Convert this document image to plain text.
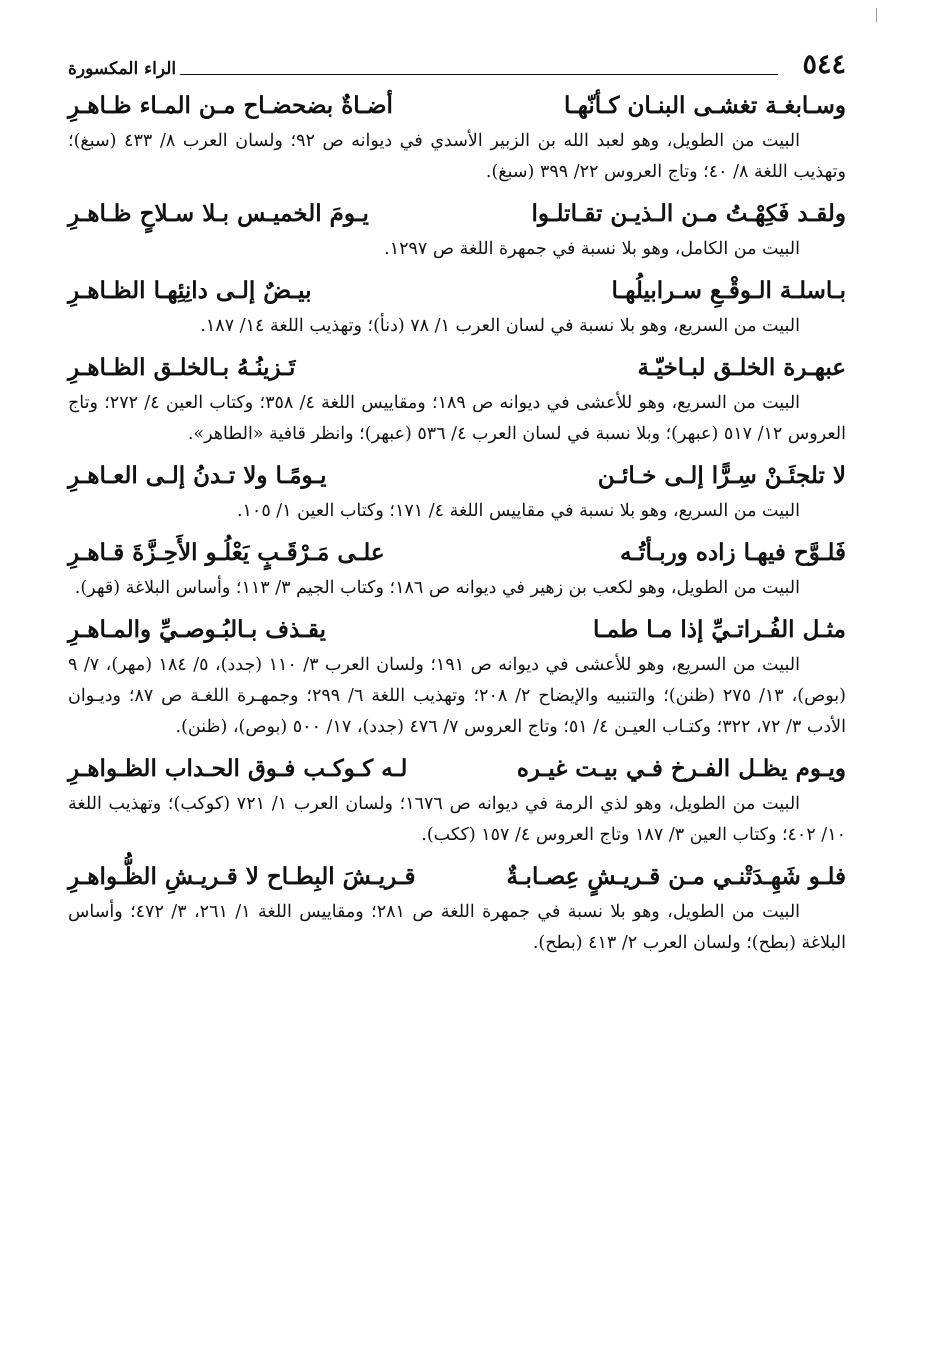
٥٤٤
الراء المكسورة
وسـابغـة تغشـى البنـان كـأنّهـا
أضـاةٌ بضحضـاح مـن المـاء ظـاهـرِ

البيت من الطويل، وهو لعبد الله بن الزبير الأسدي في ديوانه ص ٩٢؛ ولسان العرب ٨/ ٤٣٣ (سبغ)؛ وتهذيب اللغة ٨/ ٤٠؛ وتاج العروس ٢٢/ ٣٩٩ (سبغ).

ولقـد فَكِهْـتُ مـن الـذيـن تقـاتلـوا
يـومَ الخميـس بـلا سـلاحٍ ظـاهـرِ

البيت من الكامل، وهو بلا نسبة في جمهرة اللغة ص ١٢٩٧.

بـاسلـة الـوقْـعِ سـرابيلُهـا
بيـضٌ إلـى دانِئِهـا الظـاهـرِ

البيت من السريع، وهو بلا نسبة في لسان العرب ١/ ٧٨ (دنأ)؛ وتهذيب اللغة ١٤/ ١٨٧.

عبهـرة الخلـق لبـاخيّـة
تَـزينُـهُ بـالخلـق الظـاهـرِ

البيت من السريع، وهو للأعشى في ديوانه ص ١٨٩؛ ومقاييس اللغة ٤/ ٣٥٨؛ وكتاب العين ٤/ ٢٧٢؛ وتاج العروس ١٢/ ٥١٧ (عبهر)؛ وبلا نسبة في لسان العرب ٤/ ٥٣٦ (عبهر)؛ وانظر قافية «الطاهر».

لا تلجئَـنْ سِـرًّا إلـى خـائـن
يـومًـا ولا تـدنُ إلـى العـاهـرِ

البيت من السريع، وهو بلا نسبة في مقاييس اللغة ٤/ ١٧١؛ وكتاب العين ١/ ١٠٥.

فَلـوَّح فيهـا زاده وربـأتُـه
علـى مَـرْقَـبٍ يَعْلُـو الأَحِـزَّةَ قـاهـرِ

البيت من الطويل، وهو لكعب بن زهير في ديوانه ص ١٨٦؛ وكتاب الجيم ٣/ ١١٣؛ وأساس البلاغة (قهر).

مثـل الفُـراتـيِّ إذا مـا طمـا
يقـذف بـالبُـوصـيِّ والمـاهـرِ

البيت من السريع، وهو للأعشى في ديوانه ص ١٩١؛ ولسان العرب ٣/ ١١٠ (جدد)، ٥/ ١٨٤ (مهر)، ٧/ ٩ (بوص)، ١٣/ ٢٧٥ (ظنن)؛ والتنبيه والإيضاح ٢/ ٢٠٨؛ وتهذيب اللغة ٦/ ٢٩٩؛ وجمهـرة اللغـة ص ٨٧؛ وديـوان الأدب ٣/ ٧٢، ٣٢٢؛ وكتـاب العيـن ٤/ ٥١؛ وتاج العروس ٧/ ٤٧٦ (جدد)، ١٧/ ٥٠٠ (بوص)، (ظنن).

ويـوم يظـل الفـرخ فـي بيـت غيـره
لـه كـوكـب فـوق الحـداب الظـواهـرِ

البيت من الطويل، وهو لذي الرمة في ديوانه ص ١٦٧٦؛ ولسان العرب ١/ ٧٢١ (كوكب)؛ وتهذيب اللغة ١٠/ ٤٠٢؛ وكتاب العين ٣/ ١٨٧ وتاج العروس ٤/ ١٥٧ (ككب).

فلـو شَهِـدَتْنـي مـن قـريـشٍ عِصـابـةٌ
قـريـشَ البِطـاح لا قـريـشِ الظُّـواهـرِ

البيت من الطويل، وهو بلا نسبة في جمهرة اللغة ص ٢٨١؛ ومقاييس اللغة ١/ ٢٦١، ٣/ ٤٧٢؛ وأساس البلاغة (بطح)؛ ولسان العرب ٢/ ٤١٣ (بطح).
